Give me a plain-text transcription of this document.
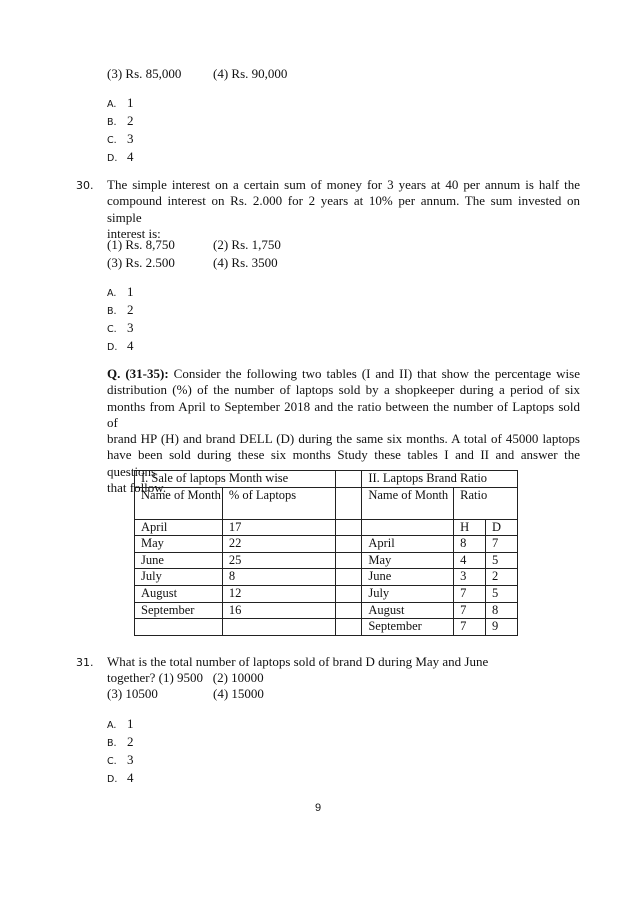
(3) Rs. 85,000 (4) Rs. 90,000
A. 1
B. 2
C. 3
D. 4
30. The simple interest on a certain sum of money for 3 years at 40 per annum is half the
compound interest on Rs. 2.000 for 2 years at 10% per annum. The sum invested on simple
interest is:
(1) Rs. 8,750	(2) Rs. 1,750
(3) Rs. 2.500	(4) Rs. 3500
A. 1
B. 2
C. 3
D. 4
Q. (31-35): Consider the following two tables (I and II) that show the percentage wise
distribution (%) of the number of laptops sold by a shopkeeper during a period of six
months from April to September 2018 and the ratio between the number of Laptops sold of
brand HP (H) and brand DELL (D) during the same six months. A total of 45000 laptops
have been sold during these six months Study these tables I and II and answer the questions
that follow.
I. Sale of laptops Month wise			II. Laptops Brand Ratio		
Name of Month	% of Laptops		Name of Month	Ratio	
April	17			H	D
May	22		April	8	7
June	25		May	4	5
July	8		June	3	2
August	12		July	7	5
September	16		August	7	8
			September	7	9
31. What is the total number of laptops sold of brand D during May and June
together? (1) 9500   (2) 10000
(3) 10500	(4) 15000
A. 1
B. 2
C. 3
D. 4
9
